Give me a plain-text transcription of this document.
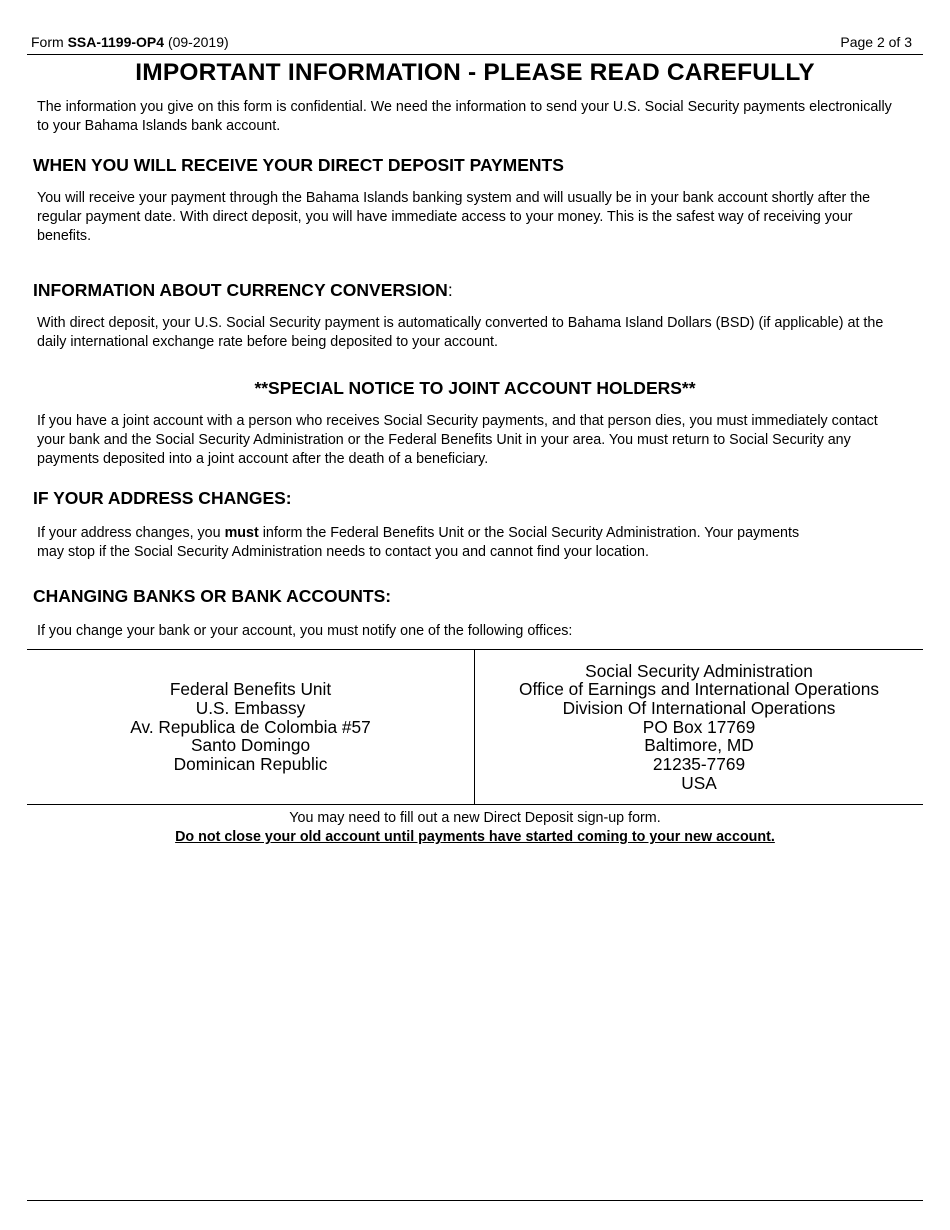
Form SSA-1199-OP4 (09-2019)	Page 2 of 3
IMPORTANT INFORMATION - PLEASE READ CAREFULLY

The information you give on this form is confidential. We need the information to send your U.S. Social Security payments electronically to your Bahama Islands bank account.

WHEN YOU WILL RECEIVE YOUR DIRECT DEPOSIT PAYMENTS

You will receive your payment through the Bahama Islands banking system and will usually be in your bank account shortly after the regular payment date. With direct deposit, you will have immediate access to your money. This is the safest way of receiving your benefits.

INFORMATION ABOUT CURRENCY CONVERSION:

With direct deposit, your U.S. Social Security payment is automatically converted to Bahama Island Dollars (BSD) (if applicable) at the daily international exchange rate before being deposited to your account.

**SPECIAL NOTICE TO JOINT ACCOUNT HOLDERS**

If you have a joint account with a person who receives Social Security payments, and that person dies, you must immediately contact your bank and the Social Security Administration or the Federal Benefits Unit in your area. You must return to Social Security any payments deposited into a joint account after the death of a beneficiary.

IF YOUR ADDRESS CHANGES:

If your address changes, you must inform the Federal Benefits Unit or the Social Security Administration. Your payments may stop if the Social Security Administration needs to contact you and cannot find your location.

CHANGING BANKS OR BANK ACCOUNTS:

If you change your bank or your account, you must notify one of the following offices:

Federal Benefits Unit
U.S. Embassy
Av. Republica de Colombia #57
Santo Domingo
Dominican Republic
Social Security Administration
Office of Earnings and International Operations
Division Of International Operations
PO Box 17769
Baltimore, MD
21235-7769
USA
You may need to fill out a new Direct Deposit sign-up form.
Do not close your old account until payments have started coming to your new account.
